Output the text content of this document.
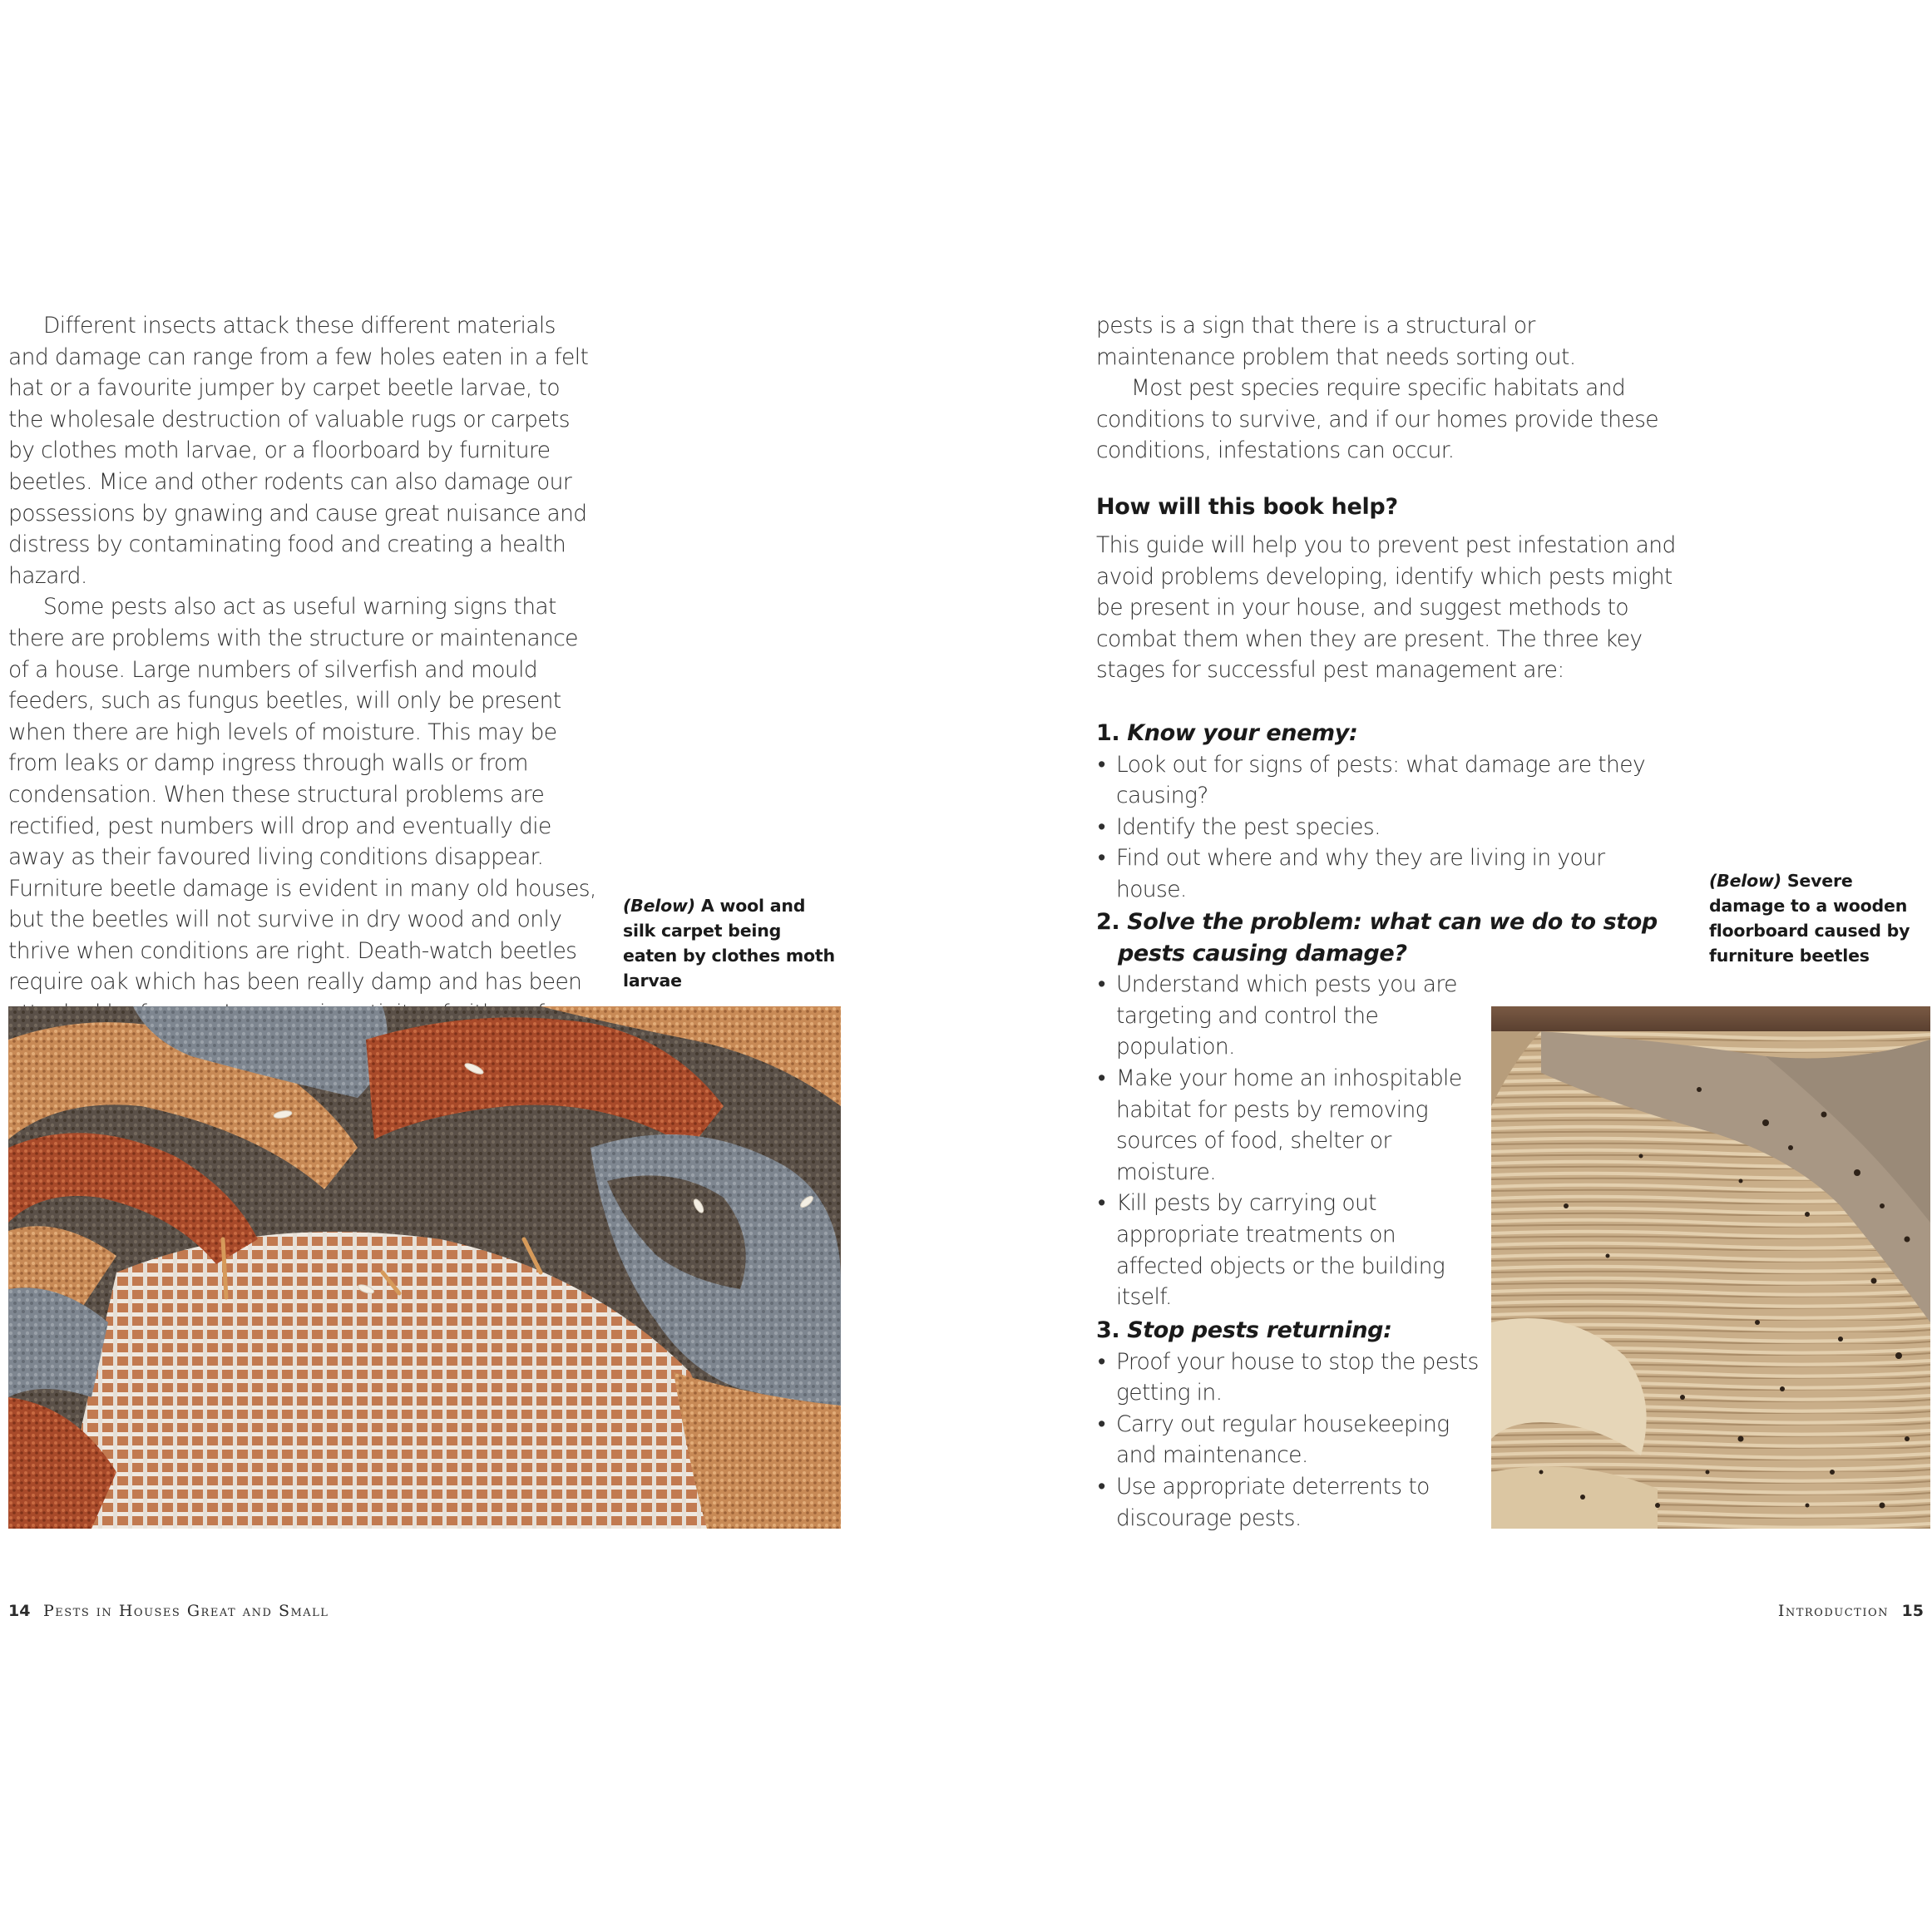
Different insects attack these different materials and damage can range from a few holes eaten in a felt hat or a favourite jumper by carpet beetle larvae, to the wholesale destruction of valuable rugs or carpets by clothes moth larvae, or a floorboard by furniture beetles. Mice and other rodents can also damage our possessions by gnawing and cause great nuisance and distress by contaminating food and creating a health hazard.

Some pests also act as useful warning signs that there are problems with the structure or maintenance of a house. Large numbers of silverfish and mould feeders, such as fungus beetles, will only be present when there are high levels of moisture. This may be from leaks or damp ingress through walls or from condensation. When these structural problems are rectified, pest numbers will drop and eventually die away as their favoured living conditions disappear. Furniture beetle damage is evident in many old houses, but the beetles will not survive in dry wood and only thrive when conditions are right. Death-watch beetles require oak which has been really damp and has been

(Below) A wool and silk carpet being eaten by clothes moth larvae
14 Pests in Houses Great and Small

pests is a sign that there is a structural or maintenance problem that needs sorting out.

Most pest species require specific habitats and conditions to survive, and if our homes provide these conditions, infestations can occur.

How will this book help?

This guide will help you to prevent pest infestation and avoid problems developing, identify which pests might be present in your house, and suggest methods to combat them when they are present. The three key stages for successful pest management are:

1. Know your enemy:
• Look out for signs of pests: what damage are they causing?
• Identify the pest species.
• Find out where and why they are living in your house.
2. Solve the problem: what can we do to stop pests causing damage?
• Understand which pests you are targeting and control the population.
• Make your home an inhospitable habitat for pests by removing sources of food, shelter or moisture.
• Kill pests by carrying out appropriate treatments on affected objects or the building itself.
3. Stop pests returning:
• Proof your house to stop the pests getting in.
• Carry out regular housekeeping and maintenance.
• Use appropriate deterrents to discourage pests.
(Below) Severe damage to a wooden floorboard caused by furniture beetles
Introduction 15
